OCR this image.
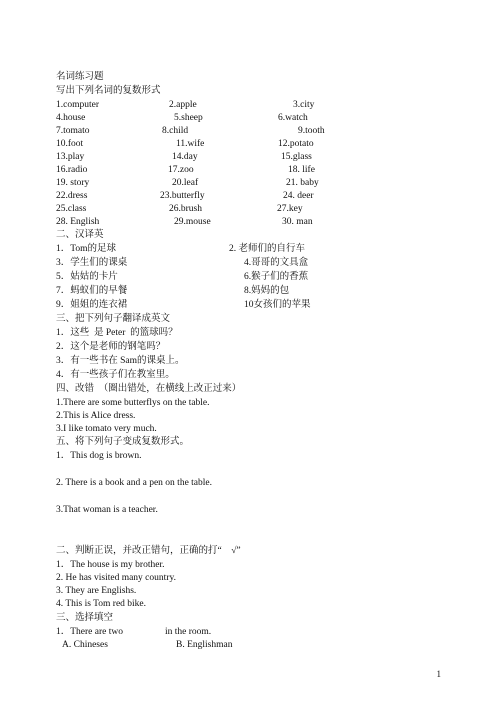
名词练习题
写出下列名词的复数形式
1.computer	2.apple	3.city
4.house	5.sheep	6.watch
7.tomato	8.child	9.tooth
10.foot	11.wife	12.potato
13.play	14.day	15.glass
16.radio	17.zoo	18. life
19. story	20.leaf	21. baby
22.dress	23.butterfly	24. deer
25.class	26.brush	27.key
28. English	29.mouse	30. man
二、汉译英
1．Tom的足球	2. 老师们的自行车
3．学生们的课桌	4.哥哥的文具盒
5．姑姑的卡片	6.猴子们的香蕉
7．蚂蚁们的早餐	8.妈妈的包
9．姐姐的连衣裙	10女孩们的苹果
三、把下列句子翻译成英文
1．这些  是 Peter  的篮球吗？
2．这个是老师的钢笔吗？
3．有一些书在 Sam的课桌上。
4．有一些孩子们在教室里。
四、改错  （圈出错处，在横线上改正过来）
1.There are some butterflys on the table.
2.This is Alice dress.
3.I like tomato very much.
五、将下列句子变成复数形式。
1．This dog is brown.
2. There is a book and a pen on the table.
3.That woman is a teacher.
二、判断正误，并改正错句，正确的打“    √”
1．The house is my brother.
2. He has visited many country.
3. They are Englishs.
4. This is Tom red bike.
三、选择填空
1．There are two	in the room.
A. Chineses	B. Englishman
1
